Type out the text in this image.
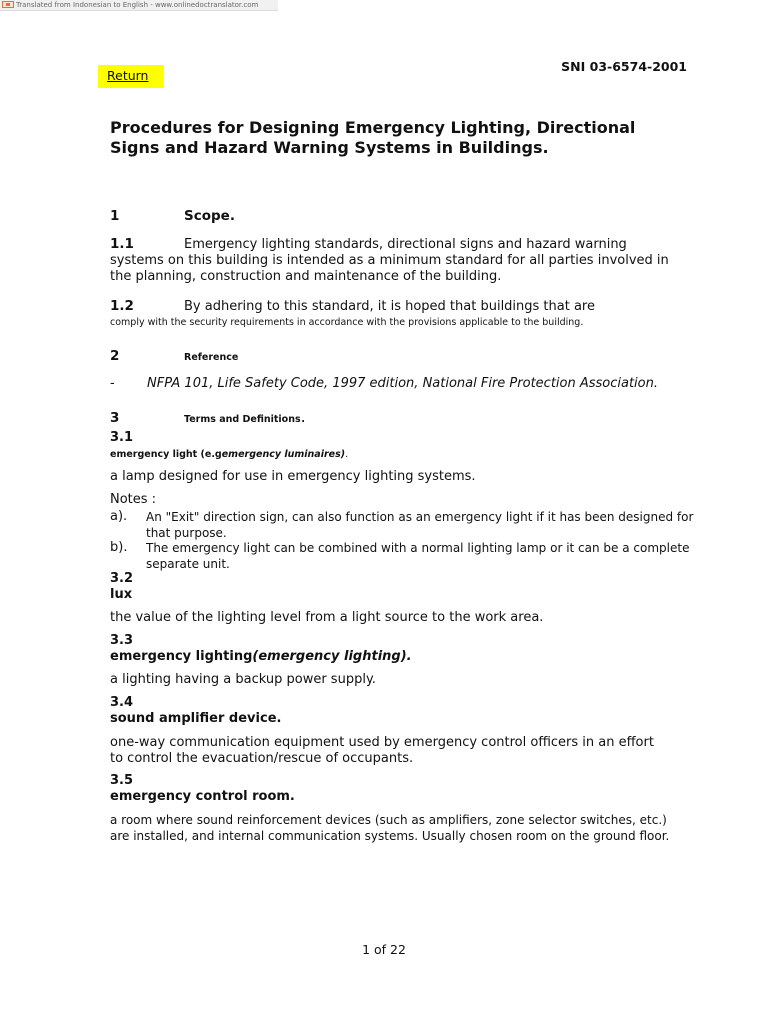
Translated from Indonesian to English - www.onlinedoctranslator.com
Return
SNI 03-6574-2001
Procedures for Designing Emergency Lighting, Directional Signs and Hazard Warning Systems in Buildings.
1	Scope.
1.1	Emergency lighting standards, directional signs and hazard warning systems on this building is intended as a minimum standard for all parties involved in the planning, construction and maintenance of the building.
1.2	By adhering to this standard, it is hoped that buildings that are
comply with the security requirements in accordance with the provisions applicable to the building.
2	Reference
- NFPA 101, Life Safety Code, 1997 edition, National Fire Protection Association.
3	Terms and Definitions.
3.1
emergency light (e.gemergency luminaires).
a lamp designed for use in emergency lighting systems.
Notes :
a). An "Exit" direction sign, can also function as an emergency light if it has been designed for that purpose.
b). The emergency light can be combined with a normal lighting lamp or it can be a complete separate unit.
3.2
lux
the value of the lighting level from a light source to the work area.
3.3
emergency lighting(emergency lighting).
a lighting having a backup power supply.
3.4
sound amplifier device.
one-way communication equipment used by emergency control officers in an effort to control the evacuation/rescue of occupants.
3.5
emergency control room.
a room where sound reinforcement devices (such as amplifiers, zone selector switches, etc.) are installed, and internal communication systems. Usually chosen room on the ground floor.
1 of 22
